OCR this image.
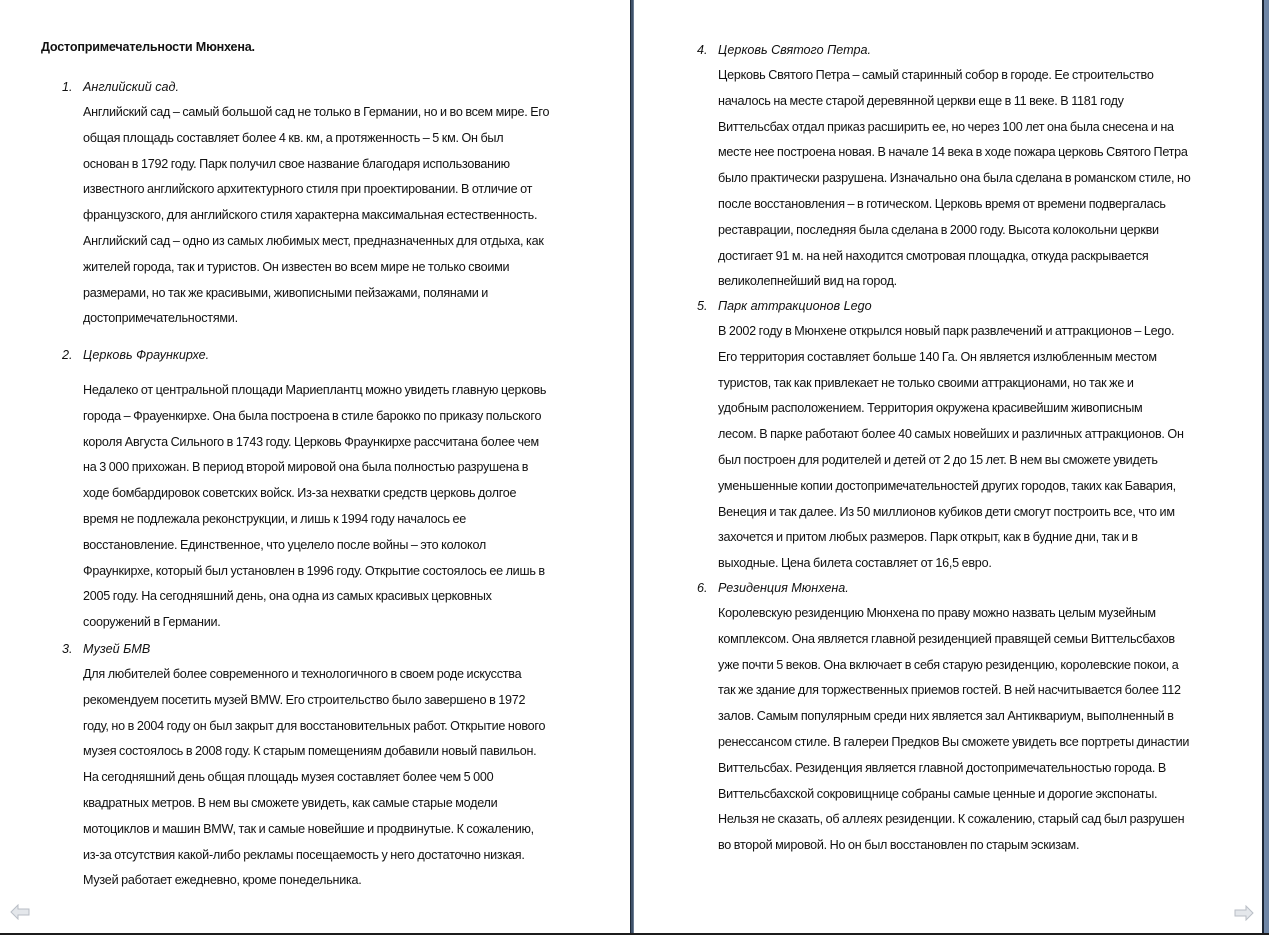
Достопримечательности Мюнхена.
1. Английский сад.
Английский сад – самый большой сад не только в Германии, но и во всем мире. Его
общая площадь составляет более 4 кв. км, а протяженность – 5 км. Он был
основан в 1792 году. Парк получил свое название благодаря использованию
известного английского архитектурного стиля при проектировании. В отличие от
французского, для английского стиля характерна максимальная естественность.
Английский сад – одно из самых любимых мест, предназначенных для отдыха, как
жителей города, так и туристов. Он известен во всем мире не только своими
размерами, но так же красивыми, живописными пейзажами, полянами и
достопримечательностями.
2. Церковь Фраункирхе.
Недалеко от центральной площади Мариеплантц можно увидеть главную церковь
города – Фрауенкирхе. Она была построена в стиле барокко по приказу польского
короля Августа Сильного в 1743 году. Церковь Фраункирхе рассчитана более чем
на 3 000 прихожан. В период второй мировой она была полностью разрушена в
ходе бомбардировок советских войск. Из-за нехватки средств церковь долгое
время не подлежала реконструкции, и лишь к 1994 году началось ее
восстановление. Единственное, что уцелело после войны – это колокол
Фраункирхе, который был установлен в 1996 году. Открытие состоялось ее лишь в
2005 году. На сегодняшний день, она одна из самых красивых церковных
сооружений в Германии.
3. Музей БМВ
Для любителей более современного и технологичного в своем роде искусства
рекомендуем посетить музей BMW. Его строительство было завершено в 1972
году, но в 2004 году он был закрыт для восстановительных работ. Открытие нового
музея состоялось в 2008 году. К старым помещениям добавили новый павильон.
На сегодняшний день общая площадь музея составляет более чем 5 000
квадратных метров. В нем вы сможете увидеть, как самые старые модели
мотоциклов и машин BMW, так и самые новейшие и продвинутые. К сожалению,
из-за отсутствия какой-либо рекламы посещаемость у него достаточно низкая.
Музей работает ежедневно, кроме понедельника.
4. Церковь Святого Петра.
Церковь Святого Петра – самый старинный собор в городе. Ее строительство
началось на месте старой деревянной церкви еще в 11 веке. В 1181 году
Виттельсбах отдал приказ расширить ее, но через 100 лет она была снесена и на
месте нее построена новая. В начале 14 века в ходе пожара церковь Святого Петра
было практически разрушена. Изначально она была сделана в романском стиле, но
после восстановления – в готическом. Церковь время от времени подвергалась
реставрации, последняя была сделана в 2000 году. Высота колокольни церкви
достигает 91 м. на ней находится смотровая площадка, откуда раскрывается
великолепнейший вид на город.
5. Парк аттракционов Lego
В 2002 году в Мюнхене открылся новый парк развлечений и аттракционов – Lego.
Его территория составляет больше 140 Га. Он является излюбленным местом
туристов, так как привлекает не только своими аттракционами, но так же и
удобным расположением. Территория окружена красивейшим живописным
лесом. В парке работают более 40 самых новейших и различных аттракционов. Он
был построен для родителей и детей от 2 до 15 лет. В нем вы сможете увидеть
уменьшенные копии достопримечательностей других городов, таких как Бавария,
Венеция и так далее. Из 50 миллионов кубиков дети смогут построить все, что им
захочется и притом любых размеров. Парк открыт, как в будние дни, так и в
выходные. Цена билета составляет от 16,5 евро.
6. Резиденция Мюнхена.
Королевскую резиденцию Мюнхена по праву можно назвать целым музейным
комплексом. Она является главной резиденцией правящей семьи Виттельсбахов
уже почти 5 веков. Она включает в себя старую резиденцию, королевские покои, а
так же здание для торжественных приемов гостей. В ней насчитывается более 112
залов. Самым популярным среди них является зал Антиквариум, выполненный в
ренессансом стиле. В галереи Предков Вы сможете увидеть все портреты династии
Виттельсбах. Резиденция является главной достопримечательностью города. В
Виттельсбахской сокровищнице собраны самые ценные и дорогие экспонаты.
Нельзя не сказать, об аллеях резиденции. К сожалению, старый сад был разрушен
во второй мировой. Но он был восстановлен по старым эскизам.
